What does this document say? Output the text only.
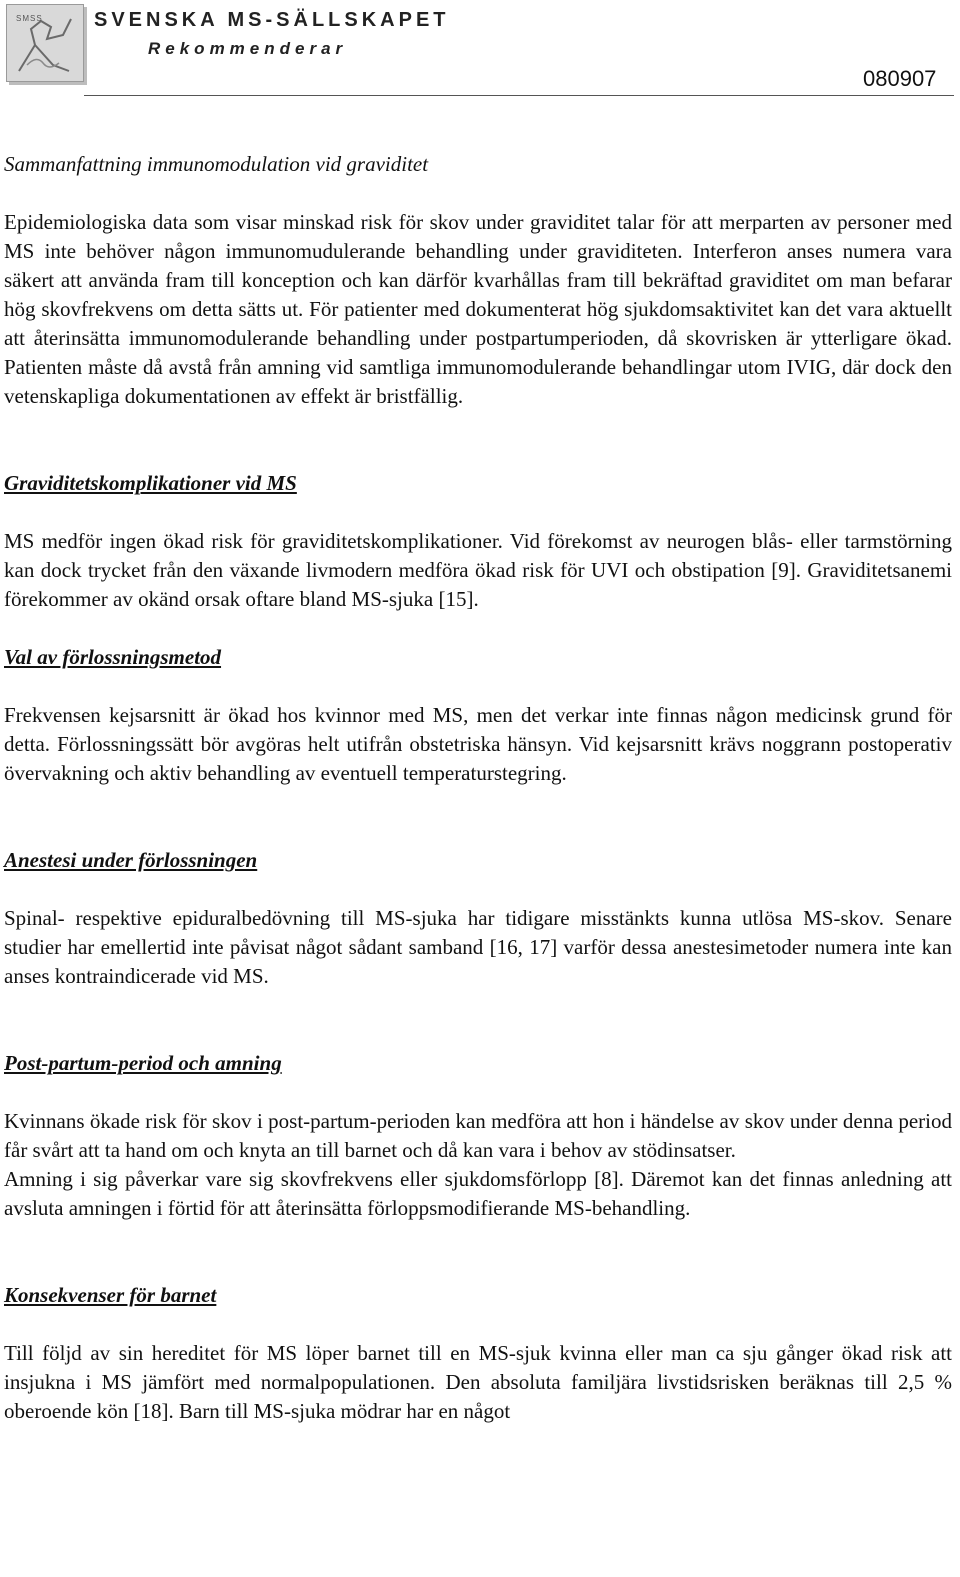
SMSS	SVENSKA MS-SÄLLSKAPET
Rekommenderar
080907
Sammanfattning immunomodulation vid graviditet

Epidemiologiska data som visar minskad risk för skov under graviditet talar för att merparten av personer med MS inte behöver någon immunomudulerande behandling under graviditeten. Interferon anses numera vara säkert att använda fram till konception och kan därför kvarhållas fram till bekräftad graviditet om man befarar hög skovfrekvens om detta sätts ut. För patienter med dokumenterat hög sjukdomsaktivitet kan det vara aktuellt att återinsätta immunomodulerande behandling under postpartumperioden, då skovrisken är ytterligare ökad. Patienten måste då avstå från amning vid samtliga immunomodulerande behandlingar utom IVIG, där dock den vetenskapliga dokumentationen av effekt är bristfällig.

Graviditetskomplikationer vid MS

MS medför ingen ökad risk för graviditetskomplikationer. Vid förekomst av neurogen blås- eller tarmstörning kan dock trycket från den växande livmodern medföra ökad risk för UVI och obstipation [9]. Graviditetsanemi förekommer av okänd orsak oftare bland MS-sjuka [15].

Val av förlossningsmetod

Frekvensen kejsarsnitt är ökad hos kvinnor med MS, men det verkar inte finnas någon medicinsk grund för detta. Förlossningssätt bör avgöras helt utifrån obstetriska hänsyn. Vid kejsarsnitt krävs noggrann postoperativ övervakning och aktiv behandling av eventuell temperaturstegring.

Anestesi under förlossningen

Spinal- respektive epiduralbedövning till MS-sjuka har tidigare misstänkts kunna utlösa MS-skov. Senare studier har emellertid inte påvisat något sådant samband [16, 17] varför dessa anestesimetoder numera inte kan anses kontraindicerade vid MS.

Post-partum-period och amning

Kvinnans ökade risk för skov i post-partum-perioden kan medföra att hon i händelse av skov under denna period får svårt att ta hand om och knyta an till barnet och då kan vara i behov av stödinsatser.

Amning i sig påverkar vare sig skovfrekvens eller sjukdomsförlopp [8]. Däremot kan det finnas anledning att avsluta amningen i förtid för att återinsätta förloppsmodifierande MS-behandling.

Konsekvenser för barnet

Till följd av sin hereditet för MS löper barnet till en MS-sjuk kvinna eller man ca sju gånger ökad risk att insjukna i MS jämfört med normalpopulationen. Den absoluta familjära livstidsrisken beräknas till 2,5 % oberoende kön [18]. Barn till MS-sjuka mödrar har en något
